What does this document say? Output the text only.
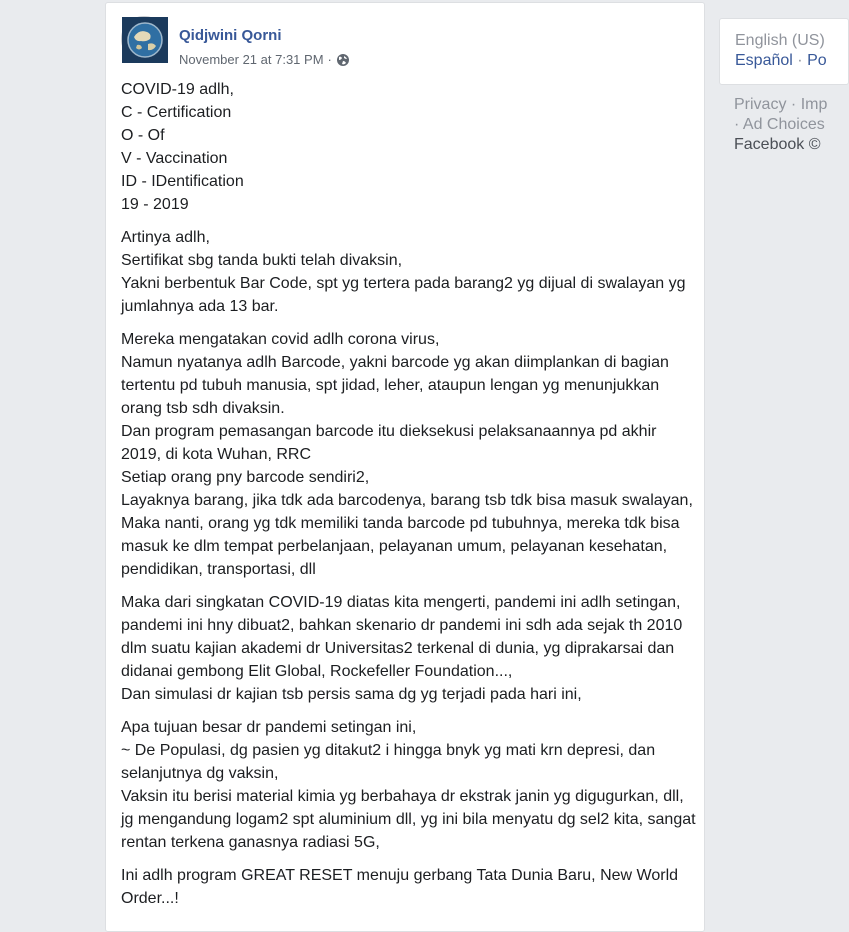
Qidjwini Qorni
November 21 at 7:31 PM ·

COVID-19 adlh,
C - Certification
O - Of
V - Vaccination
ID - IDentification
19 - 2019

Artinya adlh,
Sertifikat sbg tanda bukti telah divaksin,
Yakni berbentuk Bar Code, spt yg tertera pada barang2 yg dijual di swalayan yg jumlahnya ada 13 bar.

Mereka mengatakan covid adlh corona virus,
Namun nyatanya adlh Barcode, yakni barcode yg akan diimplankan di bagian tertentu pd tubuh manusia, spt jidad, leher, ataupun lengan yg menunjukkan orang tsb sdh divaksin.
Dan program pemasangan barcode itu dieksekusi pelaksanaannya pd akhir 2019, di kota Wuhan, RRC
Setiap orang pny barcode sendiri2,
Layaknya barang, jika tdk ada barcodenya, barang tsb tdk bisa masuk swalayan,
Maka nanti, orang yg tdk memiliki tanda barcode pd tubuhnya, mereka tdk bisa masuk ke dlm tempat perbelanjaan, pelayanan umum, pelayanan kesehatan, pendidikan, transportasi, dll

Maka dari singkatan COVID-19 diatas kita mengerti, pandemi ini adlh setingan, pandemi ini hny dibuat2, bahkan skenario dr pandemi ini sdh ada sejak th 2010 dlm suatu kajian akademi dr Universitas2 terkenal di dunia, yg diprakarsai dan didanai gembong Elit Global, Rockefeller Foundation...,
Dan simulasi dr kajian tsb persis sama dg yg terjadi pada hari ini,

Apa tujuan besar dr pandemi setingan ini,
~ De Populasi, dg pasien yg ditakut2 i hingga bnyk yg mati krn depresi, dan selanjutnya dg vaksin,
Vaksin itu berisi material kimia yg berbahaya dr ekstrak janin yg digugurkan, dll, jg mengandung logam2 spt aluminium dll, yg ini bila menyatu dg sel2 kita, sangat rentan terkena ganasnya radiasi 5G,

Ini adlh program GREAT RESET menuju gerbang Tata Dunia Baru, New World Order...!

English (US)
Español · Po
Privacy · Imp
· Ad Choices
Facebook ©
